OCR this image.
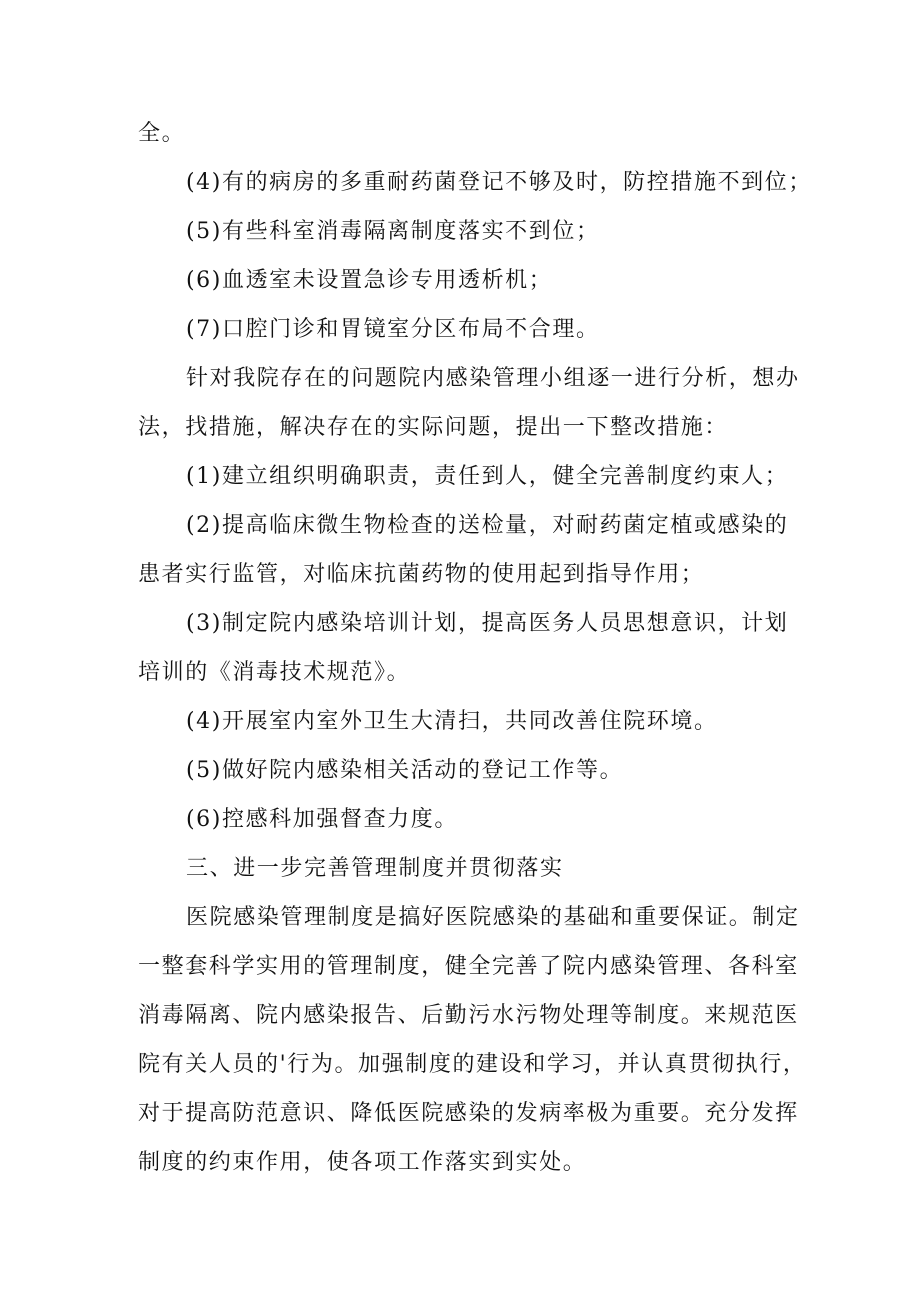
全。
(4)有的病房的多重耐药菌登记不够及时，防控措施不到位；
(5)有些科室消毒隔离制度落实不到位；
(6)血透室未设置急诊专用透析机；
(7)口腔门诊和胃镜室分区布局不合理。
针对我院存在的问题院内感染管理小组逐一进行分析，想办
法，找措施，解决存在的实际问题，提出一下整改措施：
(1)建立组织明确职责，责任到人，健全完善制度约束人；
(2)提高临床微生物检查的送检量，对耐药菌定植或感染的
患者实行监管，对临床抗菌药物的使用起到指导作用；
(3)制定院内感染培训计划，提高医务人员思想意识，计划
培训的《消毒技术规范》。
(4)开展室内室外卫生大清扫，共同改善住院环境。
(5)做好院内感染相关活动的登记工作等。
(6)控感科加强督查力度。
三、进一步完善管理制度并贯彻落实
医院感染管理制度是搞好医院感染的基础和重要保证。制定
一整套科学实用的管理制度，健全完善了院内感染管理、各科室
消毒隔离、院内感染报告、后勤污水污物处理等制度。来规范医
院有关人员的'行为。加强制度的建设和学习，并认真贯彻执行，
对于提高防范意识、降低医院感染的发病率极为重要。充分发挥
制度的约束作用，使各项工作落实到实处。
